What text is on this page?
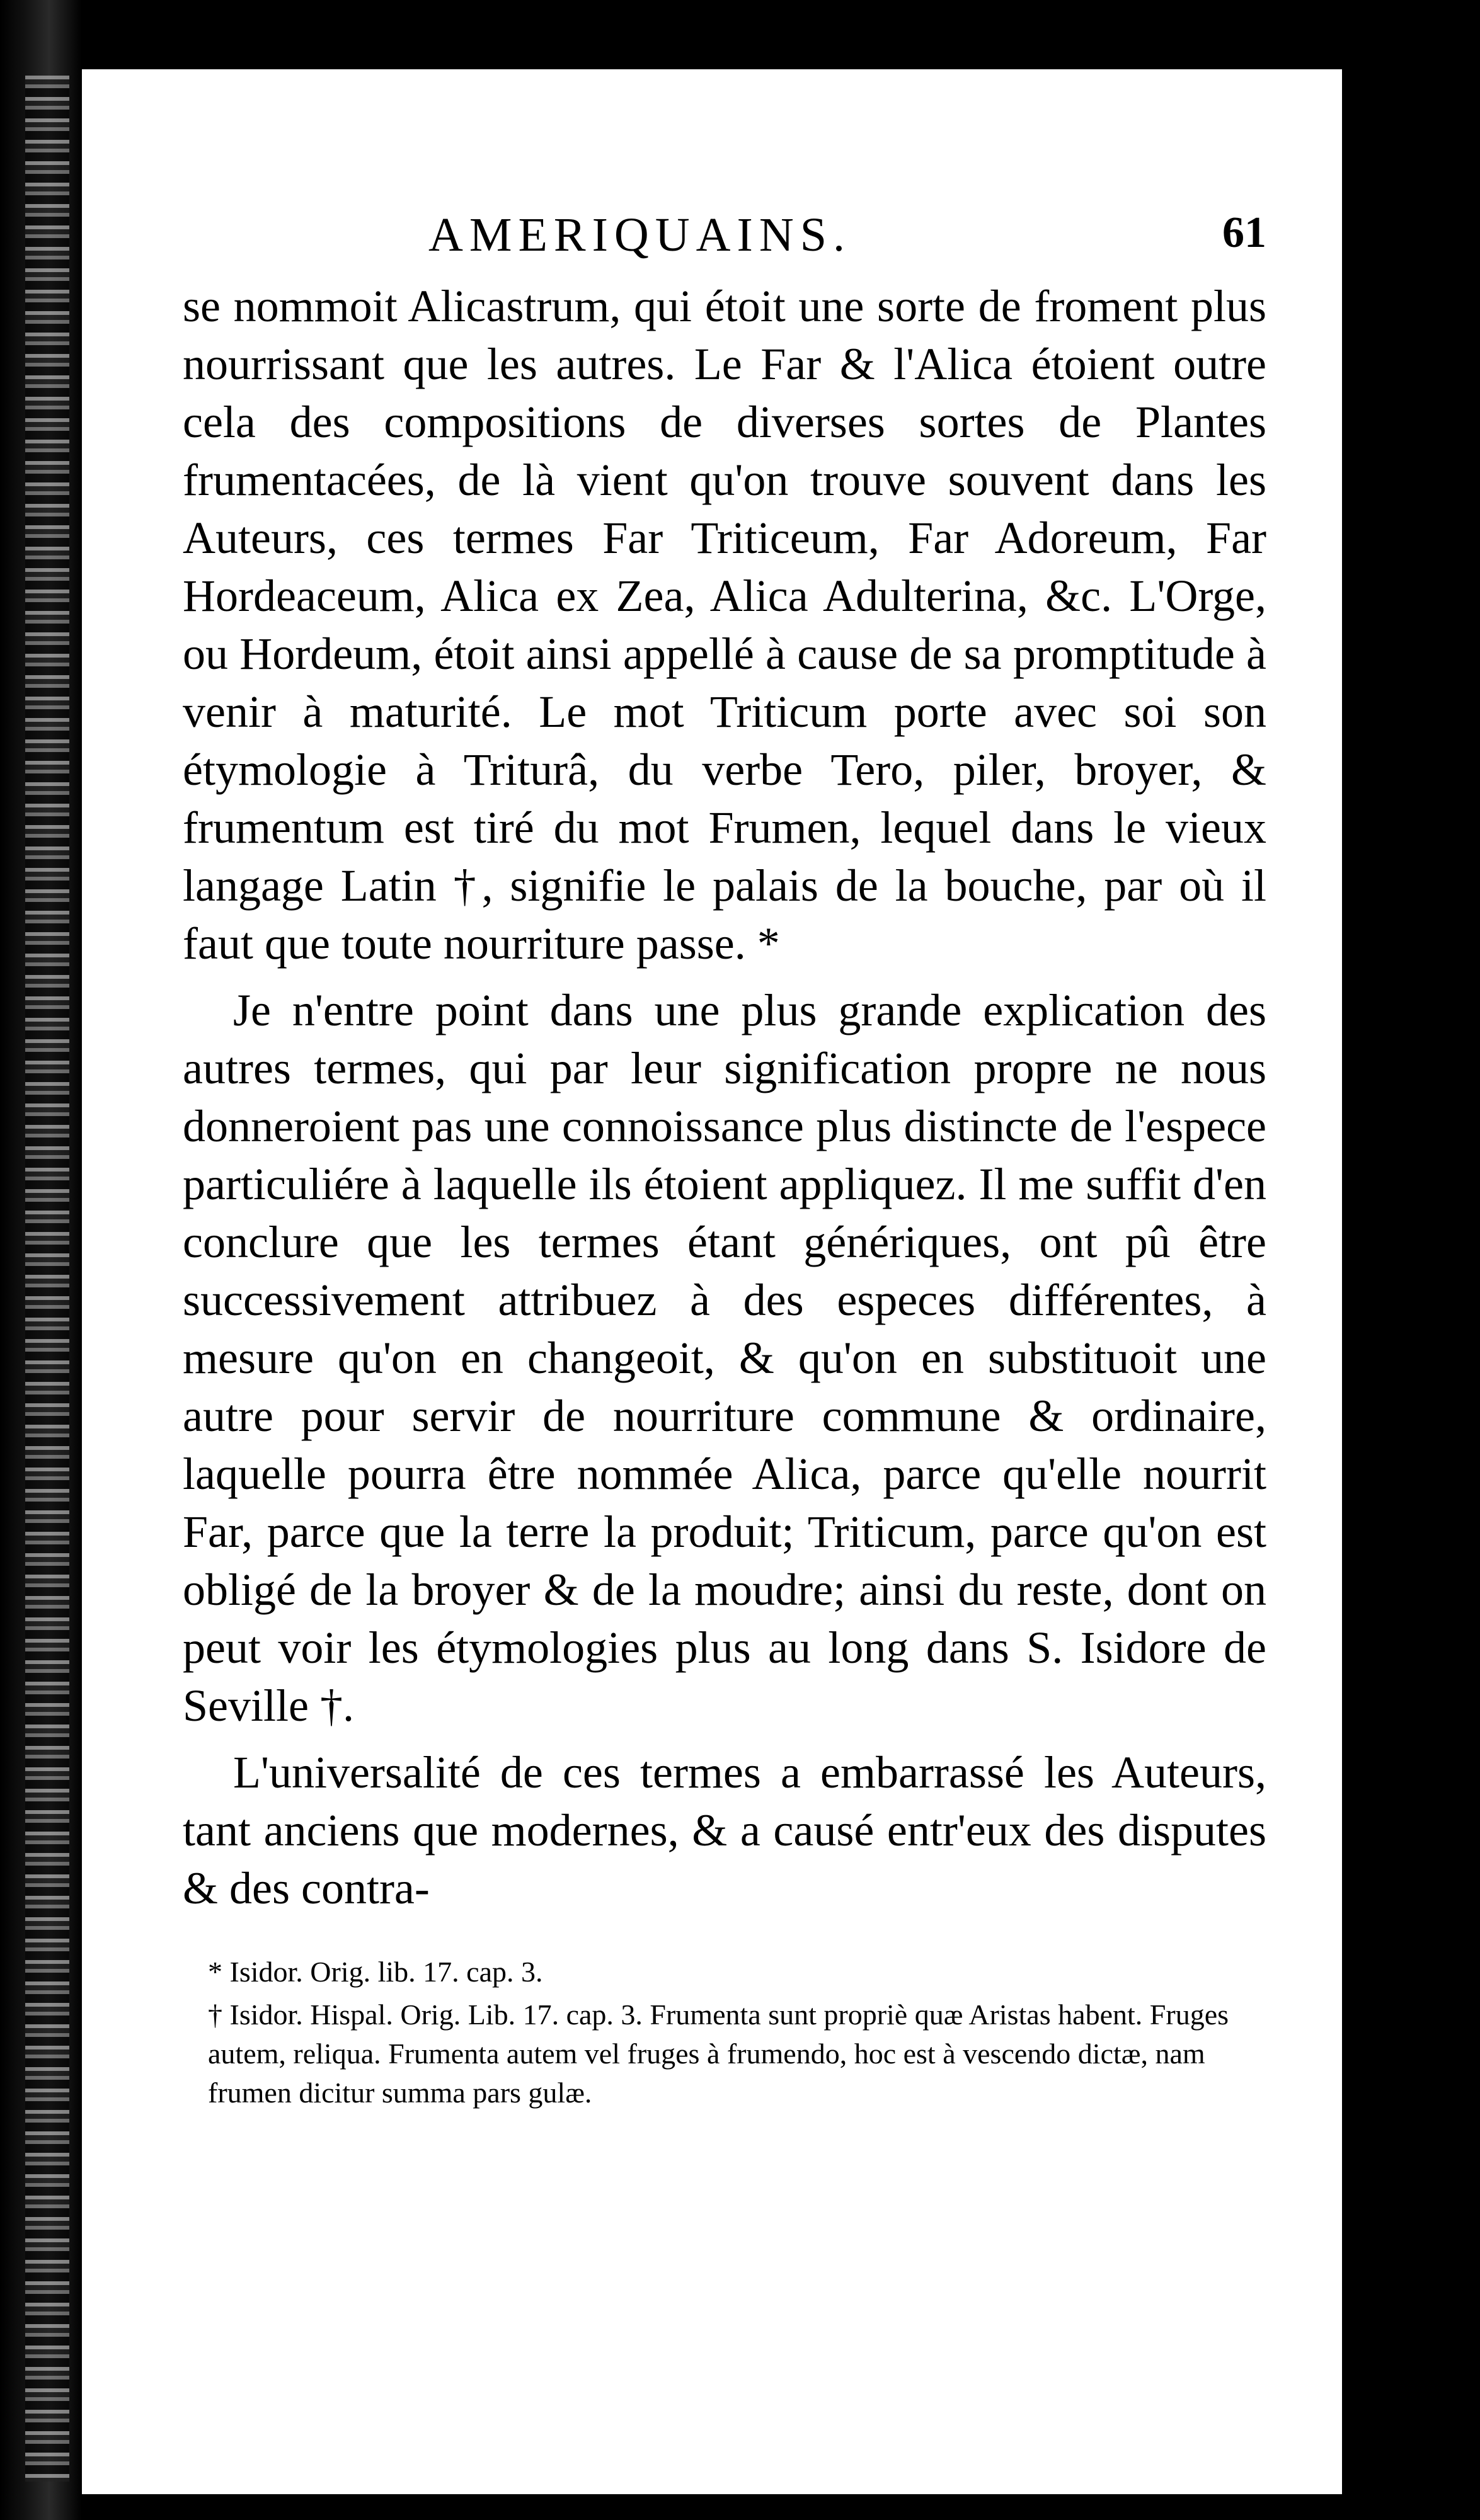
AMERIQUAINS.	61

se nommoit Alicastrum, qui étoit une sorte de froment plus nourrissant que les autres. Le Far & l'Alica étoient outre cela des compositions de diverses sortes de Plantes frumentacées, de là vient qu'on trouve souvent dans les Auteurs, ces termes Far Triticeum, Far Adoreum, Far Hordeaceum, Alica ex Zea, Alica Adulterina, &c. L'Orge, ou Hordeum, étoit ainsi appellé à cause de sa promptitude à venir à maturité. Le mot Triticum porte avec soi son étymologie à Triturâ, du verbe Tero, piler, broyer, & frumentum est tiré du mot Frumen, lequel dans le vieux langage Latin †, signifie le palais de la bouche, par où il faut que toute nourriture passe. *

Je n'entre point dans une plus grande explication des autres termes, qui par leur signification propre ne nous donneroient pas une connoissance plus distincte de l'espece particuliére à laquelle ils étoient appliquez. Il me suffit d'en conclure que les termes étant génériques, ont pû être successivement attribuez à des especes différentes, à mesure qu'on en changeoit, & qu'on en substituoit une autre pour servir de nourriture commune & ordinaire, laquelle pourra être nommée Alica, parce qu'elle nourrit Far, parce que la terre la produit; Triticum, parce qu'on est obligé de la broyer & de la moudre; ainsi du reste, dont on peut voir les étymologies plus au long dans S. Isidore de Seville †.

L'universalité de ces termes a embarrassé les Auteurs, tant anciens que modernes, & a causé entr'eux des disputes & des contra-

* Isidor. Orig. lib. 17. cap. 3.

† Isidor. Hispal. Orig. Lib. 17. cap. 3. Frumenta sunt propriè quæ Aristas habent. Fruges autem, reliqua. Frumenta autem vel fruges à frumendo, hoc est à vescendo dictæ, nam frumen dicitur summa pars gulæ.
